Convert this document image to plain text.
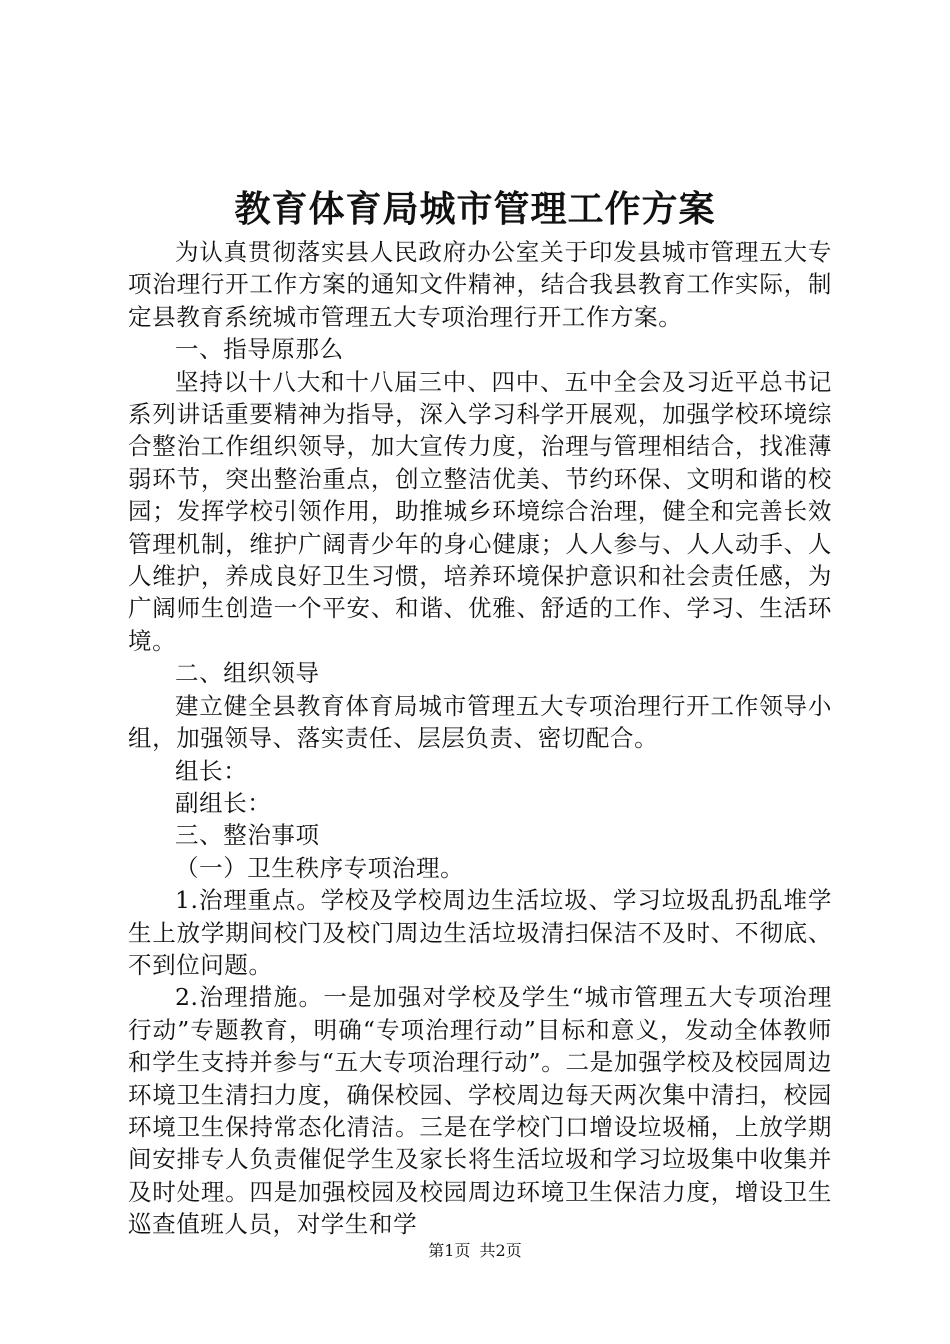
教育体育局城市管理工作方案

为认真贯彻落实县人民政府办公室关于印发县城市管理五大专项治理行开工作方案的通知文件精神，结合我县教育工作实际，制定县教育系统城市管理五大专项治理行开工作方案。

一、指导原那么

坚持以十八大和十八届三中、四中、五中全会及习近平总书记系列讲话重要精神为指导，深入学习科学开展观，加强学校环境综合整治工作组织领导，加大宣传力度，治理与管理相结合，找准薄弱环节，突出整治重点，创立整洁优美、节约环保、文明和谐的校园；发挥学校引领作用，助推城乡环境综合治理，健全和完善长效管理机制，维护广阔青少年的身心健康；人人参与、人人动手、人人维护，养成良好卫生习惯，培养环境保护意识和社会责任感，为广阔师生创造一个平安、和谐、优雅、舒适的工作、学习、生活环境。

二、组织领导

建立健全县教育体育局城市管理五大专项治理行开工作领导小组，加强领导、落实责任、层层负责、密切配合。

组长：

副组长：

三、整治事项

（一）卫生秩序专项治理。

1.治理重点。学校及学校周边生活垃圾、学习垃圾乱扔乱堆学生上放学期间校门及校门周边生活垃圾清扫保洁不及时、不彻底、不到位问题。

2.治理措施。一是加强对学校及学生“城市管理五大专项治理行动”专题教育，明确“专项治理行动”目标和意义，发动全体教师和学生支持并参与“五大专项治理行动”。二是加强学校及校园周边环境卫生清扫力度，确保校园、学校周边每天两次集中清扫，校园环境卫生保持常态化清洁。三是在学校门口增设垃圾桶，上放学期间安排专人负责催促学生及家长将生活垃圾和学习垃圾集中收集并及时处理。四是加强校园及校园周边环境卫生保洁力度，增设卫生巡查值班人员，对学生和学

第1页 共2页
